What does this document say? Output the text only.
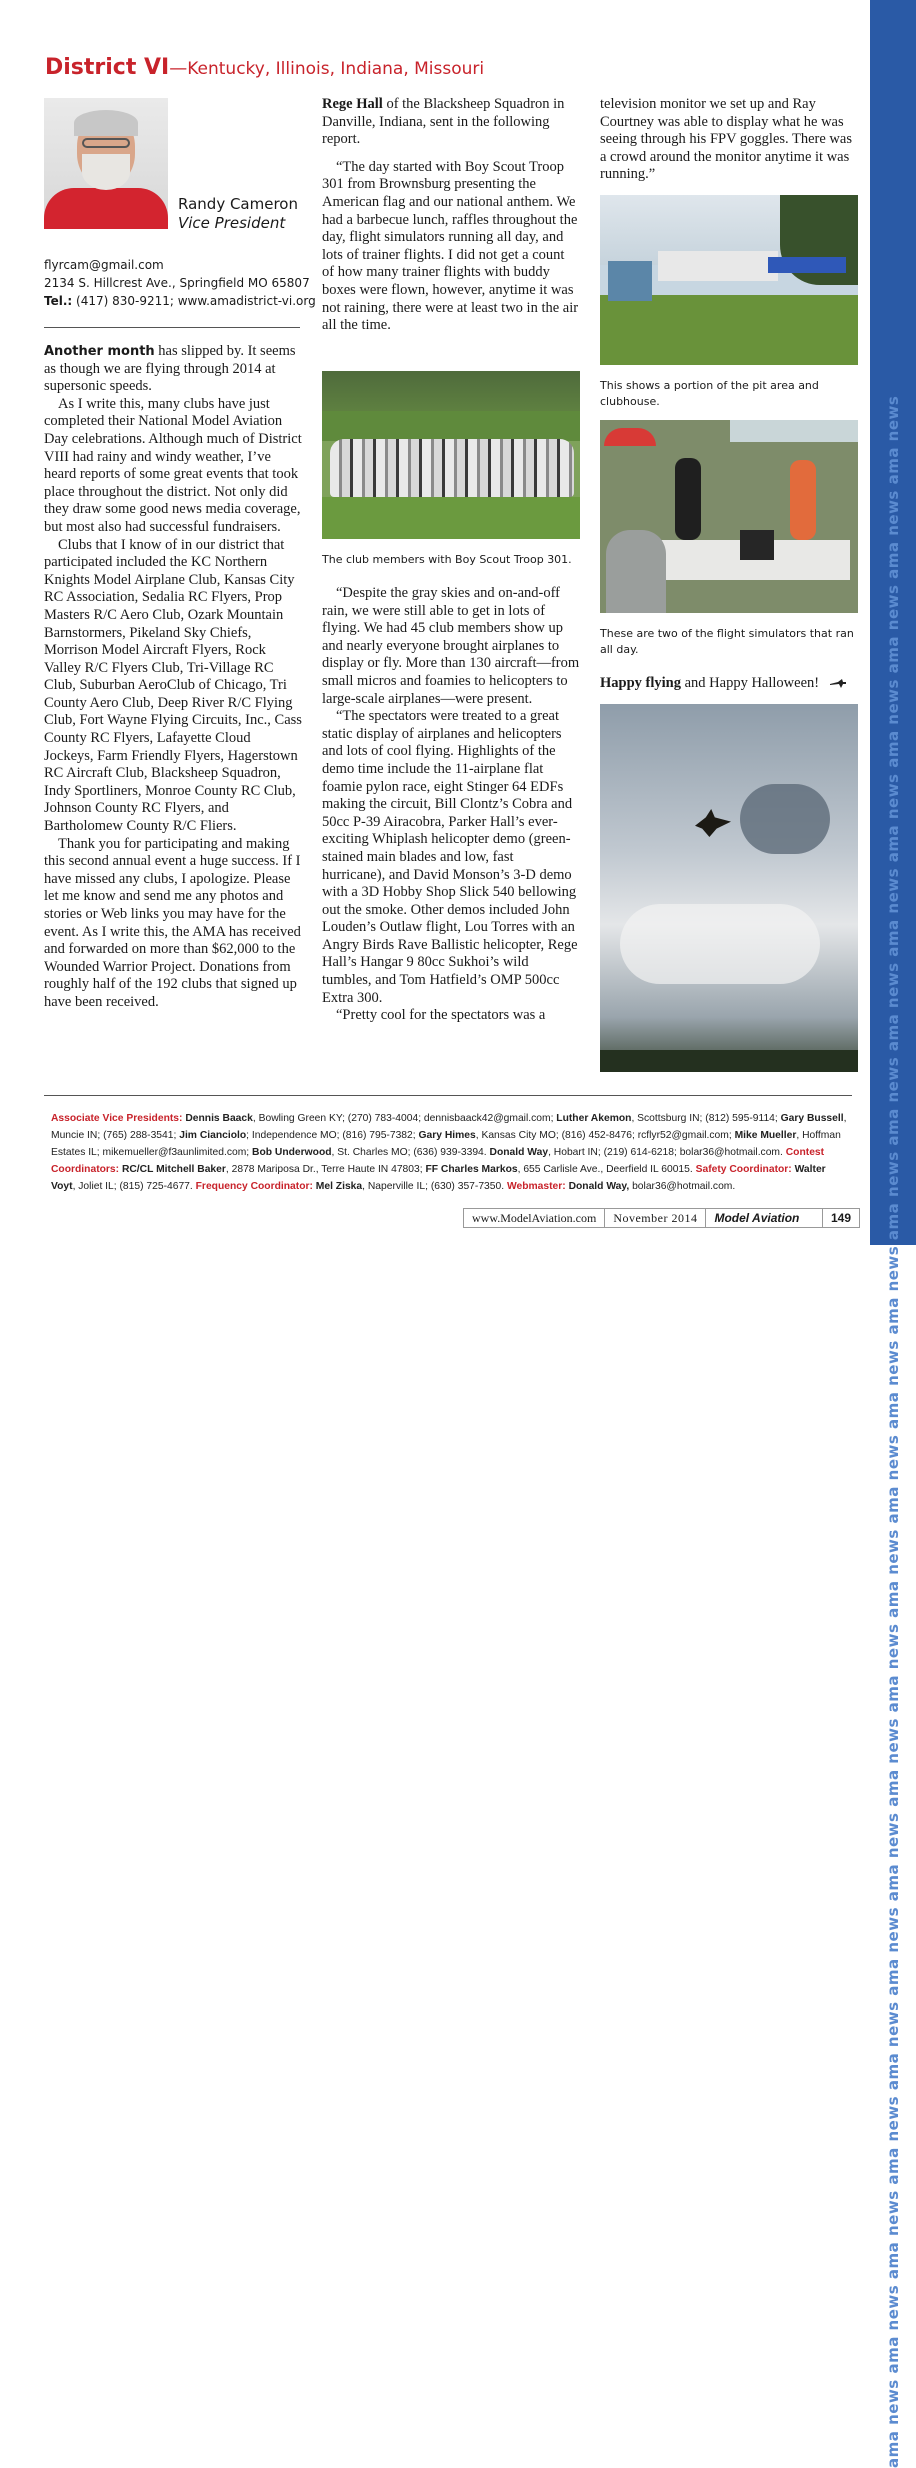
ama news ama news ama news ama news ama news ama news ama news ama news ama news ama news ama news ama news ama news ama news ama news ama news ama news ama news ama news ama news ama news ama news
District VI—Kentucky, Illinois, Indiana, Missouri
Randy Cameron
Vice President
flyrcam@gmail.com
2134 S. Hillcrest Ave., Springfield MO 65807
Tel.: (417) 830-9211; www.amadistrict-vi.org

Another month has slipped by. It seems as though we are flying through 2014 at supersonic speeds.

As I write this, many clubs have just completed their National Model Aviation Day celebrations. Although much of District VIII had rainy and windy weather, I’ve heard reports of some great events that took place throughout the district. Not only did they draw some good news media coverage, but most also had successful fundraisers.

Clubs that I know of in our district that participated included the KC Northern Knights Model Airplane Club, Kansas City RC Association, Sedalia RC Flyers, Prop Masters R/C Aero Club, Ozark Mountain Barnstormers, Pikeland Sky Chiefs, Morrison Model Aircraft Flyers, Rock Valley R/C Flyers Club, Tri-Village RC Club, Suburban AeroClub of Chicago, Tri County Aero Club, Deep River R/C Flying Club, Fort Wayne Flying Circuits, Inc., Cass County RC Flyers, Lafayette Cloud Jockeys, Farm Friendly Flyers, Hagerstown RC Aircraft Club, Blacksheep Squadron, Indy Sportliners, Monroe County RC Club, Johnson County RC Flyers, and Bartholomew County R/C Fliers.

Thank you for participating and making this second annual event a huge success. If I have missed any clubs, I apologize. Please let me know and send me any photos and stories or Web links you may have for the event. As I write this, the AMA has received and forwarded on more than $62,000 to the Wounded Warrior Project. Donations from roughly half of the 192 clubs that signed up have been received.

Rege Hall of the Blacksheep Squadron in Danville, Indiana, sent in the following report.

“The day started with Boy Scout Troop 301 from Brownsburg presenting the American flag and our national anthem. We had a barbecue lunch, raffles throughout the day, flight simulators running all day, and lots of trainer flights. I did not get a count of how many trainer flights with buddy boxes were flown, however, anytime it was not raining, there were at least two in the air all the time.

The club members with Boy Scout Troop 301.

“Despite the gray skies and on-and-off rain, we were still able to get in lots of flying. We had 45 club members show up and nearly everyone brought airplanes to display or fly. More than 130 aircraft—from small micros and foamies to helicopters to large-scale airplanes—were present.

“The spectators were treated to a great static display of airplanes and helicopters and lots of cool flying. Highlights of the demo time include the 11-airplane flat foamie pylon race, eight Stinger 64 EDFs making the circuit, Bill Clontz’s Cobra and 50cc P-39 Airacobra, Parker Hall’s ever-exciting Whiplash helicopter demo (green-stained main blades and low, fast hurricane), and David Monson’s 3-D demo with a 3D Hobby Shop Slick 540 bellowing out the smoke. Other demos included John Louden’s Outlaw flight, Lou Torres with an Angry Birds Rave Ballistic helicopter, Rege Hall’s Hangar 9 80cc Sukhoi’s wild tumbles, and Tom Hatfield’s OMP 500cc Extra 300.

“Pretty cool for the spectators was a

television monitor we set up and Ray Courtney was able to display what he was seeing through his FPV goggles. There was a crowd around the monitor anytime it was running.”

This shows a portion of the pit area and clubhouse.
These are two of the flight simulators that ran all day.
Happy flying and Happy Halloween!
Associate Vice Presidents: Dennis Baack, Bowling Green KY; (270) 783-4004; dennisbaack42@gmail.com; Luther Akemon, Scottsburg IN; (812) 595-9114; Gary Bussell, Muncie IN; (765) 288-3541; Jim Cianciolo; Independence MO; (816) 795-7382; Gary Himes, Kansas City MO; (816) 452-8476; rcflyr52@gmail.com; Mike Mueller, Hoffman Estates IL; mikemueller@f3aunlimited.com; Bob Underwood, St. Charles MO; (636) 939-3394. Donald Way, Hobart IN; (219) 614-6218; bolar36@hotmail.com. Contest Coordinators: RC/CL Mitchell Baker, 2878 Mariposa Dr., Terre Haute IN 47803; FF Charles Markos, 655 Carlisle Ave., Deerfield IL 60015. Safety Coordinator: Walter Voyt, Joliet IL; (815) 725-4677. Frequency Coordinator: Mel Ziska, Naperville IL; (630) 357-7350. Webmaster: Donald Way, bolar36@hotmail.com.
www.ModelAviation.com	November 2014	Model Aviation	149
